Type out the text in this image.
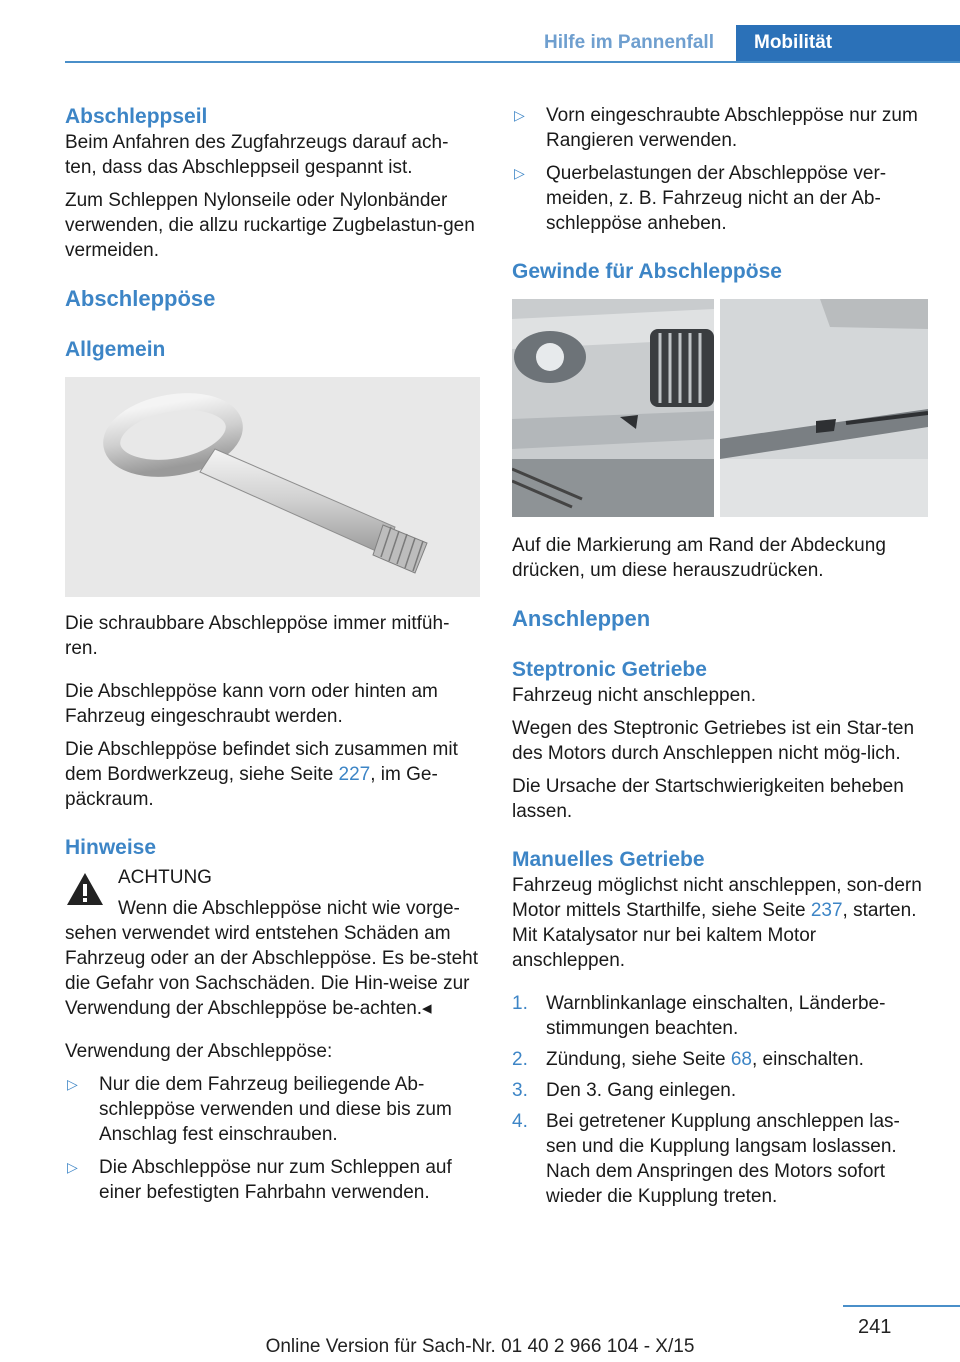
Hilfe im Pannenfall	Mobilität
Abschleppseil

Beim Anfahren des Zugfahrzeugs darauf ach‐ten, dass das Abschleppseil gespannt ist.

Zum Schleppen Nylonseile oder Nylonbänder verwenden, die allzu ruckartige Zugbelastun‐gen vermeiden.

Abschleppöse
Allgemein

Die schraubbare Abschleppöse immer mitfüh‐ren.

Die Abschleppöse kann vorn oder hinten am Fahrzeug eingeschraubt werden.

Die Abschleppöse befindet sich zusammen mit dem Bordwerkzeug, siehe Seite 227, im Ge‐päckraum.

Hinweise

ACHTUNG

Wenn die Abschleppöse nicht wie vorge‐sehen verwendet wird entstehen Schäden am Fahrzeug oder an der Abschleppöse. Es be‐steht die Gefahr von Sachschäden. Die Hin‐weise zur Verwendung der Abschleppöse be‐achten.◂

Verwendung der Abschleppöse:

▷ Nur die dem Fahrzeug beiliegende Ab‐schleppöse verwenden und diese bis zum Anschlag fest einschrauben.
▷ Die Abschleppöse nur zum Schleppen auf einer befestigten Fahrbahn verwenden.
▷ Vorn eingeschraubte Abschleppöse nur zum Rangieren verwenden.
▷ Querbelastungen der Abschleppöse ver‐meiden, z. B. Fahrzeug nicht an der Ab‐schleppöse anheben.
Gewinde für Abschleppöse

Auf die Markierung am Rand der Abdeckung drücken, um diese herauszudrücken.

Anschleppen
Steptronic Getriebe

Fahrzeug nicht anschleppen.

Wegen des Steptronic Getriebes ist ein Star‐ten des Motors durch Anschleppen nicht mög‐lich.

Die Ursache der Startschwierigkeiten beheben lassen.

Manuelles Getriebe

Fahrzeug möglichst nicht anschleppen, son‐dern Motor mittels Starthilfe, siehe Seite 237, starten. Mit Katalysator nur bei kaltem Motor anschleppen.

1. Warnblinkanlage einschalten, Länderbe‐stimmungen beachten.
2. Zündung, siehe Seite 68, einschalten.
3. Den 3. Gang einlegen.
4. Bei getretener Kupplung anschleppen las‐sen und die Kupplung langsam loslassen. Nach dem Anspringen des Motors sofort wieder die Kupplung treten.
241
Online Version für Sach-Nr. 01 40 2 966 104 - X/15
